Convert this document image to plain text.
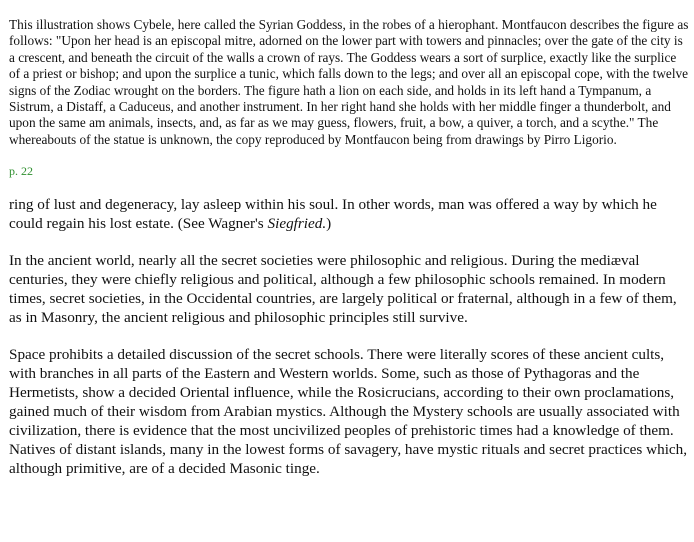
This illustration shows Cybele, here called the Syrian Goddess, in the robes of a hierophant. Montfaucon describes the figure as follows: "Upon her head is an episcopal mitre, adorned on the lower part with towers and pinnacles; over the gate of the city is a crescent, and beneath the circuit of the walls a crown of rays. The Goddess wears a sort of surplice, exactly like the surplice of a priest or bishop; and upon the surplice a tunic, which falls down to the legs; and over all an episcopal cope, with the twelve signs of the Zodiac wrought on the borders. The figure hath a lion on each side, and holds in its left hand a Tympanum, a Sistrum, a Distaff, a Caduceus, and another instrument. In her right hand she holds with her middle finger a thunderbolt, and upon the same am animals, insects, and, as far as we may guess, flowers, fruit, a bow, a quiver, a torch, and a scythe." The whereabouts of the statue is unknown, the copy reproduced by Montfaucon being from drawings by Pirro Ligorio.

p. 22

ring of lust and degeneracy, lay asleep within his soul. In other words, man was offered a way by which he could regain his lost estate. (See Wagner's Siegfried.)

In the ancient world, nearly all the secret societies were philosophic and religious. During the mediæval centuries, they were chiefly religious and political, although a few philosophic schools remained. In modern times, secret societies, in the Occidental countries, are largely political or fraternal, although in a few of them, as in Masonry, the ancient religious and philosophic principles still survive.

Space prohibits a detailed discussion of the secret schools. There were literally scores of these ancient cults, with branches in all parts of the Eastern and Western worlds. Some, such as those of Pythagoras and the Hermetists, show a decided Oriental influence, while the Rosicrucians, according to their own proclamations, gained much of their wisdom from Arabian mystics. Although the Mystery schools are usually associated with civilization, there is evidence that the most uncivilized peoples of prehistoric times had a knowledge of them. Natives of distant islands, many in the lowest forms of savagery, have mystic rituals and secret practices which, although primitive, are of a decided Masonic tinge.
